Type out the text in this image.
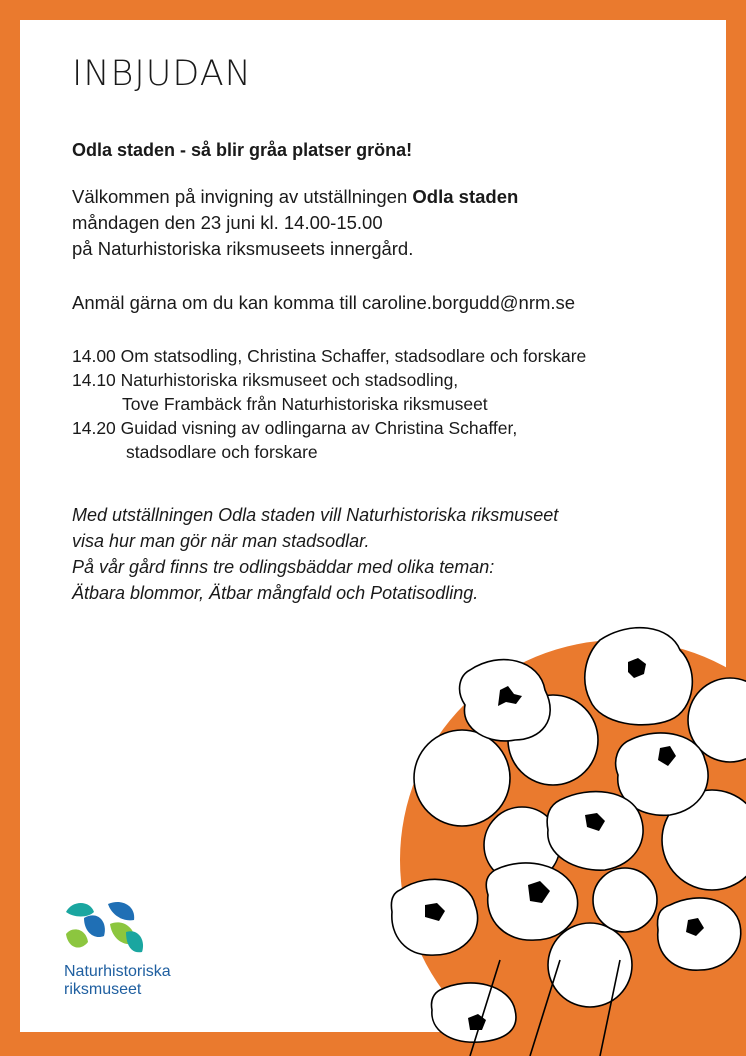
INBJUDAN
Odla staden - så blir gråa platser gröna!
Välkommen på invigning av utställningen Odla staden
måndagen den 23 juni kl. 14.00-15.00
på Naturhistoriska riksmuseets innergård.
Anmäl gärna om du kan komma till caroline.borgudd@nrm.se
14.00 Om statsodling, Christina Schaffer, stadsodlare och forskare
14.10 Naturhistoriska riksmuseet och stadsodling,
Tove Frambäck från Naturhistoriska riksmuseet
14.20 Guidad visning av odlingarna av Christina Schaffer,
stadsodlare och forskare
Med utställningen Odla staden vill Naturhistoriska riksmuseet
visa hur man gör när man stadsodlar.
På vår gård finns tre odlingsbäddar med olika teman:
Ätbara blommor, Ätbar mångfald och Potatisodling.
Naturhistoriska
riksmuseet
